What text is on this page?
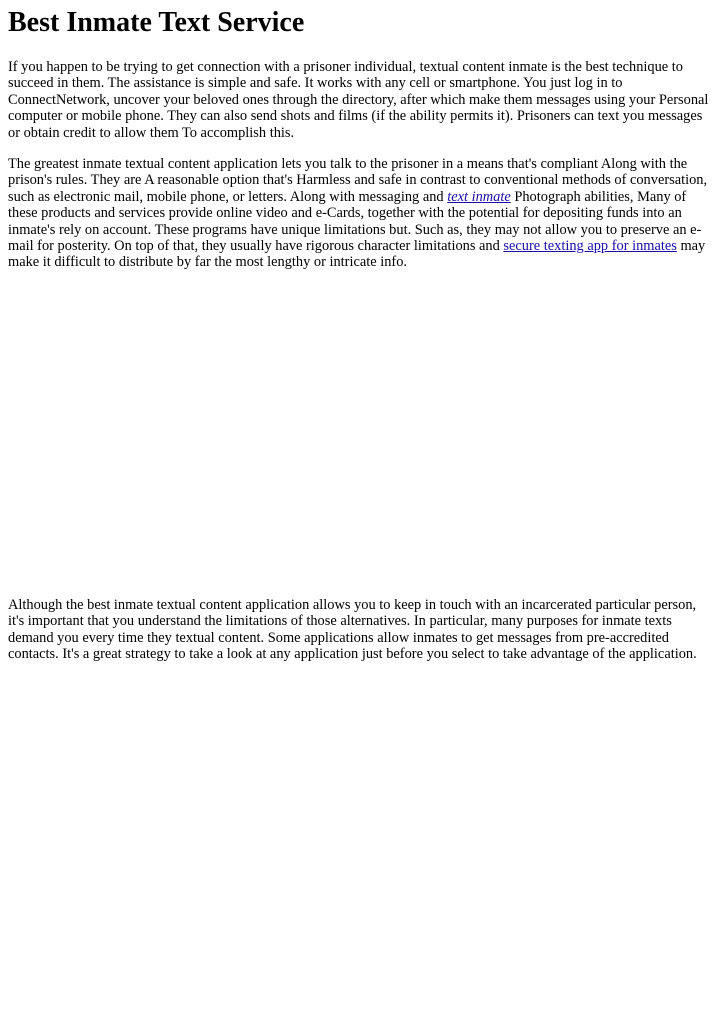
Best Inmate Text Service

If you happen to be trying to get connection with a prisoner individual, textual content inmate is the best technique to succeed in them. The assistance is simple and safe. It works with any cell or smartphone. You just log in to ConnectNetwork, uncover your beloved ones through the directory, after which make them messages using your Personal computer or mobile phone. They can also send shots and films (if the ability permits it). Prisoners can text you messages or obtain credit to allow them To accomplish this.

The greatest inmate textual content application lets you talk to the prisoner in a means that's compliant Along with the prison's rules. They are A reasonable option that's Harmless and safe in contrast to conventional methods of conversation, such as electronic mail, mobile phone, or letters. Along with messaging and text inmate Photograph abilities, Many of these products and services provide online video and e-Cards, together with the potential for depositing funds into an inmate's rely on account. These programs have unique limitations but. Such as, they may not allow you to preserve an e-mail for posterity. On top of that, they usually have rigorous character limitations and secure texting app for inmates may make it difficult to distribute by far the most lengthy or intricate info.

Although the best inmate textual content application allows you to keep in touch with an incarcerated particular person, it's important that you understand the limitations of those alternatives. In particular, many purposes for inmate texts demand you every time they textual content. Some applications allow inmates to get messages from pre-accredited contacts. It's a great strategy to take a look at any application just before you select to take advantage of the application.
